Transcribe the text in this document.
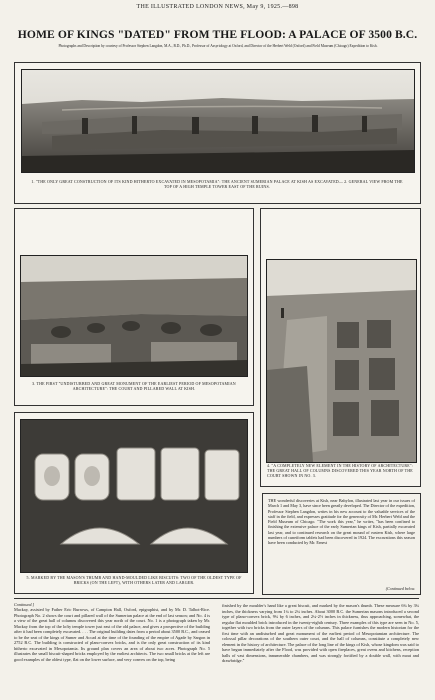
THE ILLUSTRATED LONDON NEWS, May 9, 1925.—898
HOME OF KINGS "DATED" FROM THE FLOOD: A PALACE OF 3500 B.C.
Photographs and Description by courtesy of Professor Stephen Langdon, M.A., B.D., Ph.D., Professor of Assyriology at Oxford, and Director of the Herbert Weld (Oxford) and Field Museum (Chicago) Expedition to Kish.
1. "THE ONLY GREAT CONSTRUCTION OF ITS KIND HITHERTO EXCAVATED IN MESOPOTAMIA": THE ANCIENT SUMERIAN PALACE AT KISH AS EXCAVATED— 2. GENERAL VIEW FROM THE TOP OF A HIGH TEMPLE TOWER EAST OF THE RUINS.
3. THE FIRST "UNDISTURBED AND GREAT MONUMENT OF THE EARLIEST PERIOD OF MESOPOTAMIAN ARCHITECTURE": THE COURT AND PILLARED WALL AT KISH.
4. "A COMPLETELY NEW ELEMENT IN THE HISTORY OF ARCHITECTURE": THE GREAT HALL OF COLUMNS DISCOVERED THIS YEAR NORTH OF THE COURT SHOWN IN NO. 3.
5. MARKED BY THE MASON'S THUMB AND HAND-MOULDED LIKE BISCUITS: TWO OF THE OLDEST TYPE OF BRICKS (ON THE LEFT), WITH OTHERS LATER AND LARGER.
THE wonderful discoveries at Kish, near Babylon, illustrated last year in our issues of March 1 and May 3, have since been greatly developed. The Director of the expedition, Professor Stephen Langdon, writes in his new account to the valuable services of the staff in the field, and expresses gratitude for the generosity of Mr. Herbert Weld and the Field Museum of Chicago. "The work this year," he writes, "has been confined to finishing the extensive palace of the early Sumerian kings of Kish, partially excavated last year, and to continued research on the great mound of eastern Kish, where large numbers of cuneiform tablets had been discovered in 1924. The excavations this season have been conducted by Mr. Ernest
(Continued below.
Continued.]
Mackay, assisted by Father Eric Burrows, of Campion Hall, Oxford, epigraphist, and by Mr. D. Talbot-Rice. Photograph No. 2 shows the court and pillared wall of the Sumerian palace at the end of last season; and No. 4 is a view of the great hall of columns discovered this year north of the court. No. 1 is a photograph taken by Mr. Mackay from the top of the lofty temple tower just east of the old palace, and gives a prospective of the building after it had been completely excavated. . . . The original building dates from a period about 3500 B.C., and ceased to be the seat of the kings of Sumer and Accad at the time of the founding of the empire of Agade by Sargon in 2752 B.C. The building is constructed of plano-convex bricks, and is the only great construction of its kind hitherto excavated in Mesopotamia. Its ground plan covers an area of about two acres. Photograph No. 5 illustrates the small biscuit-shaped bricks employed by the earliest architects. The two small bricks at the left are good examples of the oldest type, flat on the lower surface, and very convex on the top, being
finished by the moulder's hand like a great biscuit, and marked by the mason's thumb. These measure 6¾ by 3¾ inches, the thickness varying from 1¼ to 2¼ inches. About 3000 B.C. the Sumerian masons introduced a second type of plano-convex brick, 9¾ by 6 inches, and 2¼-2½ inches in thickness, thus approaching, somewhat, the regular flat moulded brick introduced in the twenty-eighth century. Three examples of this type are seen in No. 5, together with two bricks from the outer layers of the columns. This palace furnishes the modern historian for the first time with an undisturbed and great monument of the earliest period of Mesopotamian architecture. The colossal pillar decorations of the southern outer court, and the hall of columns, constitute a completely new element in the history of architecture. The palace of the long line of the kings of Kish, whose kingdom was said to have begun immediately after the Flood, was provided with open fireplaces, great ovens and kitchens, reception halls of vast dimensions, innumerable chambers, and was strongly fortified by a double wall, with moat and drawbridge."
